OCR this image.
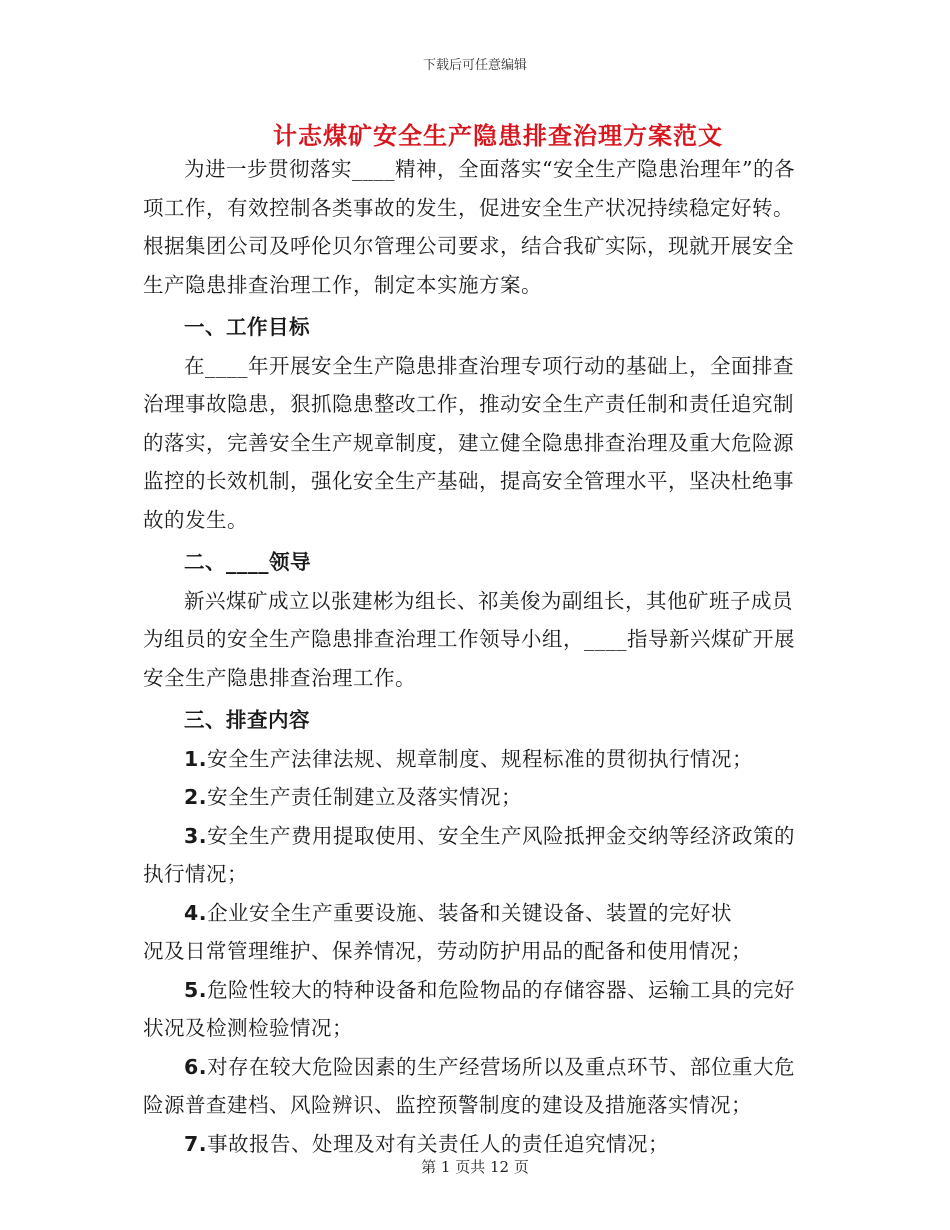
下载后可任意编辑
计志煤矿安全生产隐患排查治理方案范文

为进一步贯彻落实____精神，全面落实“安全生产隐患治理年”的各项工作，有效控制各类事故的发生，促进安全生产状况持续稳定好转。根据集团公司及呼伦贝尔管理公司要求，结合我矿实际，现就开展安全生产隐患排查治理工作，制定本实施方案。

一、工作目标

在____年开展安全生产隐患排查治理专项行动的基础上，全面排查治理事故隐患，狠抓隐患整改工作，推动安全生产责任制和责任追究制的落实，完善安全生产规章制度，建立健全隐患排查治理及重大危险源监控的长效机制，强化安全生产基础，提高安全管理水平，坚决杜绝事故的发生。

二、____领导

新兴煤矿成立以张建彬为组长、祁美俊为副组长，其他矿班子成员为组员的安全生产隐患排查治理工作领导小组，____指导新兴煤矿开展安全生产隐患排查治理工作。

三、排查内容

1.安全生产法律法规、规章制度、规程标准的贯彻执行情况；

2.安全生产责任制建立及落实情况；

3.安全生产费用提取使用、安全生产风险抵押金交纳等经济政策的执行情况；

4.企业安全生产重要设施、装备和关键设备、装置的完好状
况及日常管理维护、保养情况，劳动防护用品的配备和使用情况；

5.危险性较大的特种设备和危险物品的存储容器、运输工具的完好状况及检测检验情况；

6.对存在较大危险因素的生产经营场所以及重点环节、部位重大危险源普查建档、风险辨识、监控预警制度的建设及措施落实情况；

7.事故报告、处理及对有关责任人的责任追究情况；

第 1 页共 12 页
